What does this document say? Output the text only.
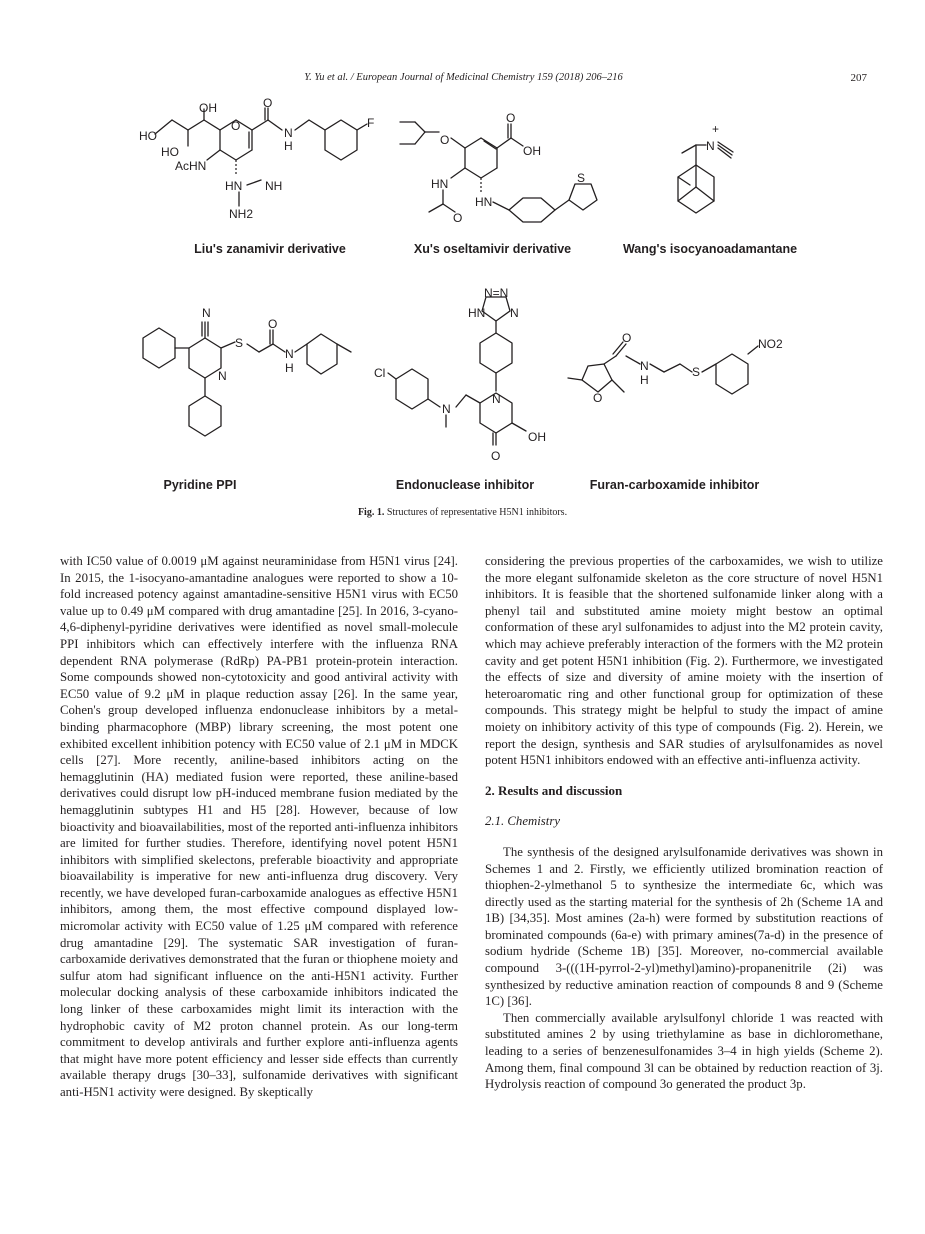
Y. Yu et al. / European Journal of Medicinal Chemistry 159 (2018) 206–216	207
OH	O
O
HO
HO
N
H
F
AcHN
HN NH
NH2
Liu's zanamivir derivative
O
O
OH
HN
O
HN
S
Xu's oseltamivir derivative
N
+
Wang's isocyanoadamantane
N
S
O
N
H
N
Pyridine PPI
N=N
HN N
N
OH
O
N
Cl
Endonuclease inhibitor
O
N
H
S
O
NO2
Furan-carboxamide inhibitor
Fig. 1. Structures of representative H5N1 inhibitors.

with IC50 value of 0.0019 μM against neuraminidase from H5N1 virus [24]. In 2015, the 1-isocyano-amantadine analogues were reported to show a 10-fold increased potency against amantadine-sensitive H5N1 virus with EC50 value up to 0.49 μM compared with drug amantadine [25]. In 2016, 3-cyano-4,6-diphenyl-pyridine derivatives were identified as novel small-molecule PPI inhibitors which can effectively interfere with the influenza RNA dependent RNA polymerase (RdRp) PA-PB1 protein-protein interaction. Some compounds showed non-cytotoxicity and good antiviral activity with EC50 value of 9.2 μM in plaque reduction assay [26]. In the same year, Cohen's group developed influenza endonuclease inhibitors by a metal-binding pharmacophore (MBP) library screening, the most potent one exhibited excellent inhibition potency with EC50 value of 2.1 μM in MDCK cells [27]. More recently, aniline-based inhibitors acting on the hemagglutinin (HA) mediated fusion were reported, these aniline-based derivatives could disrupt low pH-induced membrane fusion mediated by the hemagglutinin subtypes H1 and H5 [28]. However, because of low bioactivity and bioavailabilities, most of the reported anti-influenza inhibitors are limited for further studies. Therefore, identifying novel potent H5N1 inhibitors with simplified skelectons, preferable bioactivity and appropriate bioavailability is imperative for new anti-influenza drug discovery. Very recently, we have developed furan-carboxamide analogues as effective H5N1 inhibitors, among them, the most effective compound displayed low-micromolar activity with EC50 value of 1.25 μM compared with reference drug amantadine [29]. The systematic SAR investigation of furan-carboxamide derivatives demonstrated that the furan or thiophene moiety and sulfur atom had significant influence on the anti-H5N1 activity. Further molecular docking analysis of these carboxamide inhibitors indicated the long linker of these carboxamides might limit its interaction with the hydrophobic cavity of M2 proton channel protein. As our long-term commitment to develop antivirals and further explore anti-influenza agents that might have more potent efficiency and lesser side effects than currently available therapy drugs [30–33], sulfonamide derivatives with significant anti-H5N1 activity were designed. By skeptically

considering the previous properties of the carboxamides, we wish to utilize the more elegant sulfonamide skeleton as the core structure of novel H5N1 inhibitors. It is feasible that the shortened sulfonamide linker along with a phenyl tail and substituted amine moiety might bestow an optimal conformation of these aryl sulfonamides to adjust into the M2 protein cavity, which may achieve preferably interaction of the formers with the M2 protein cavity and get potent H5N1 inhibition (Fig. 2). Furthermore, we investigated the effects of size and diversity of amine moiety with the insertion of heteroaromatic ring and other functional group for optimization of these compounds. This strategy might be helpful to study the impact of amine moiety on inhibitory activity of this type of compounds (Fig. 2). Herein, we report the design, synthesis and SAR studies of arylsulfonamides as novel potent H5N1 inhibitors endowed with an effective anti-influenza activity.

2. Results and discussion
2.1. Chemistry

The synthesis of the designed arylsulfonamide derivatives was shown in Schemes 1 and 2. Firstly, we efficiently utilized bromination reaction of thiophen-2-ylmethanol 5 to synthesize the intermediate 6c, which was directly used as the starting material for the synthesis of 2h (Scheme 1A and 1B) [34,35]. Most amines (2a-h) were formed by substitution reactions of brominated compounds (6a-e) with primary amines(7a-d) in the presence of sodium hydride (Scheme 1B) [35]. Moreover, no-commercial available compound 3-(((1H-pyrrol-2-yl)methyl)amino)-propanenitrile (2i) was synthesized by reductive amination reaction of compounds 8 and 9 (Scheme 1C) [36].

Then commercially available arylsulfonyl chloride 1 was reacted with substituted amines 2 by using triethylamine as base in dichloromethane, leading to a series of benzenesulfonamides 3–4 in high yields (Scheme 2). Among them, final compound 3l can be obtained by reduction reaction of 3j. Hydrolysis reaction of compound 3o generated the product 3p.
